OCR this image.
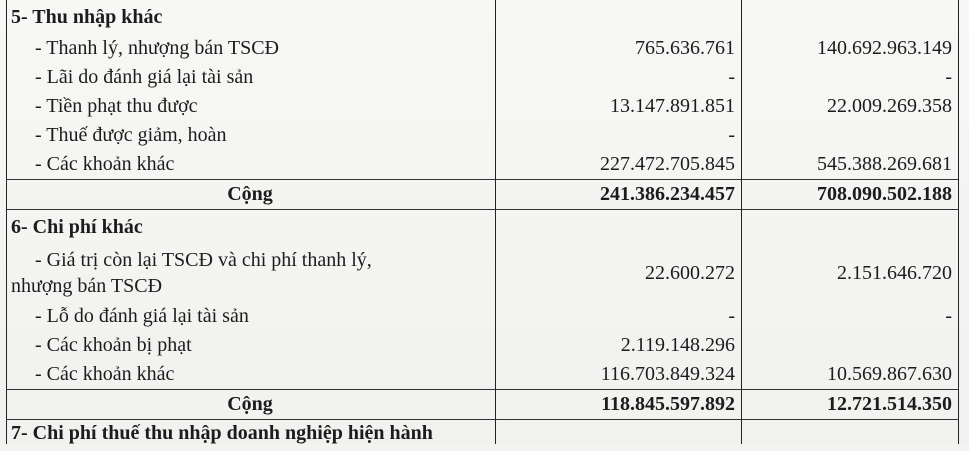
5- Thu nhập khác		
- Thanh lý, nhượng bán TSCĐ	765.636.761	140.692.963.149
- Lãi do đánh giá lại tài sản	-	-
- Tiền phạt thu được	13.147.891.851	22.009.269.358
- Thuế được giảm, hoàn	-	
- Các khoản khác	227.472.705.845	545.388.269.681
Cộng	241.386.234.457	708.090.502.188
6- Chi phí khác		

- Giá trị còn lại TSCĐ và chi phí thanh lý,
nhượng bán TSCĐ	22.600.272	2.151.646.720
- Lỗ do đánh giá lại tài sản	-	-
- Các khoản bị phạt	2.119.148.296	
- Các khoản khác	116.703.849.324	10.569.867.630
Cộng	118.845.597.892	12.721.514.350
7- Chi phí thuế thu nhập doanh nghiệp hiện hành		
